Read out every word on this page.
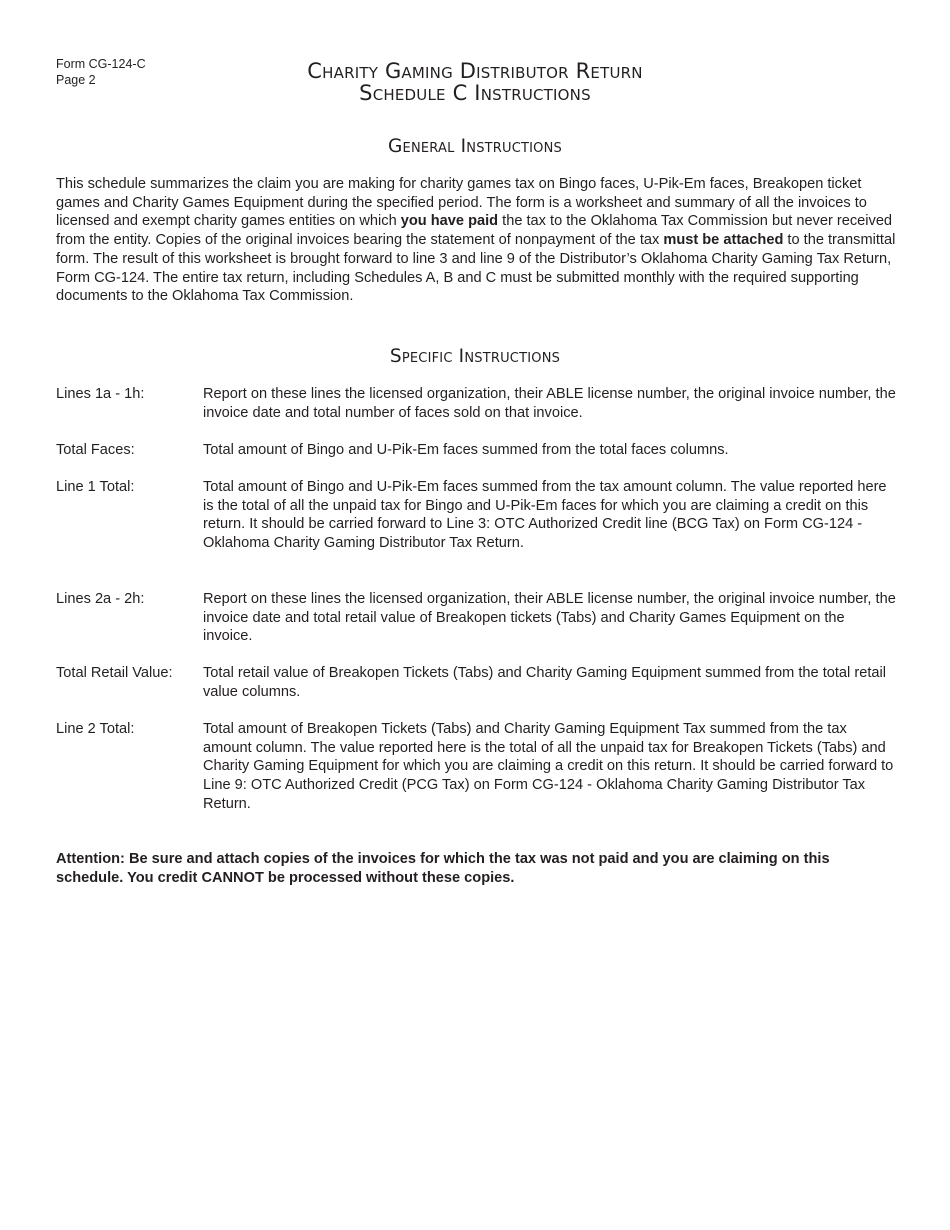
Form CG-124-C
Page 2	Charity Gaming Distributor Return
Schedule C Instructions
General Instructions

This schedule summarizes the claim you are making for charity games tax on Bingo faces, U-Pik-Em faces, Breakopen ticket games and Charity Games Equipment during the specified period. The form is a worksheet and summary of all the invoices to licensed and exempt charity games entities on which you have paid the tax to the Oklahoma Tax Commission but never received from the entity. Copies of the original invoices bearing the statement of nonpayment of the tax must be attached to the transmittal form. The result of this worksheet is brought forward to line 3 and line 9 of the Distributor’s Oklahoma Charity Gaming Tax Return, Form CG-124. The entire tax return, including Schedules A, B and C must be submitted monthly with the required supporting documents to the Oklahoma Tax Commission.

Specific Instructions
Lines 1a - 1h:	Report on these lines the licensed organization, their ABLE license number, the original invoice number, the invoice date and total number of faces sold on that invoice.
Total Faces:	Total amount of Bingo and U-Pik-Em faces summed from the total faces columns.
Line 1 Total:	Total amount of Bingo and U-Pik-Em faces summed from the tax amount column. The value reported here is the total of all the unpaid tax for Bingo and U-Pik-Em faces for which you are claiming a credit on this return. It should be carried forward to Line 3: OTC Authorized Credit line (BCG Tax) on Form CG-124 - Oklahoma Charity Gaming Distributor Tax Return.
Lines 2a - 2h:	Report on these lines the licensed organization, their ABLE license number, the original invoice number, the invoice date and total retail value of Breakopen tickets (Tabs) and Charity Games Equipment on the invoice.
Total Retail Value:	Total retail value of Breakopen Tickets (Tabs) and Charity Gaming Equipment summed from the total retail value columns.
Line 2 Total:	Total amount of Breakopen Tickets (Tabs) and Charity Gaming Equipment Tax summed from the tax amount column. The value reported here is the total of all the unpaid tax for Breakopen Tickets (Tabs) and Charity Gaming Equipment for which you are claiming a credit on this return. It should be carried forward to Line 9: OTC Authorized Credit (PCG Tax) on Form CG-124 - Oklahoma Charity Gaming Distributor Tax Return.

Attention: Be sure and attach copies of the invoices for which the tax was not paid and you are claiming on this schedule. You credit CANNOT be processed without these copies.
